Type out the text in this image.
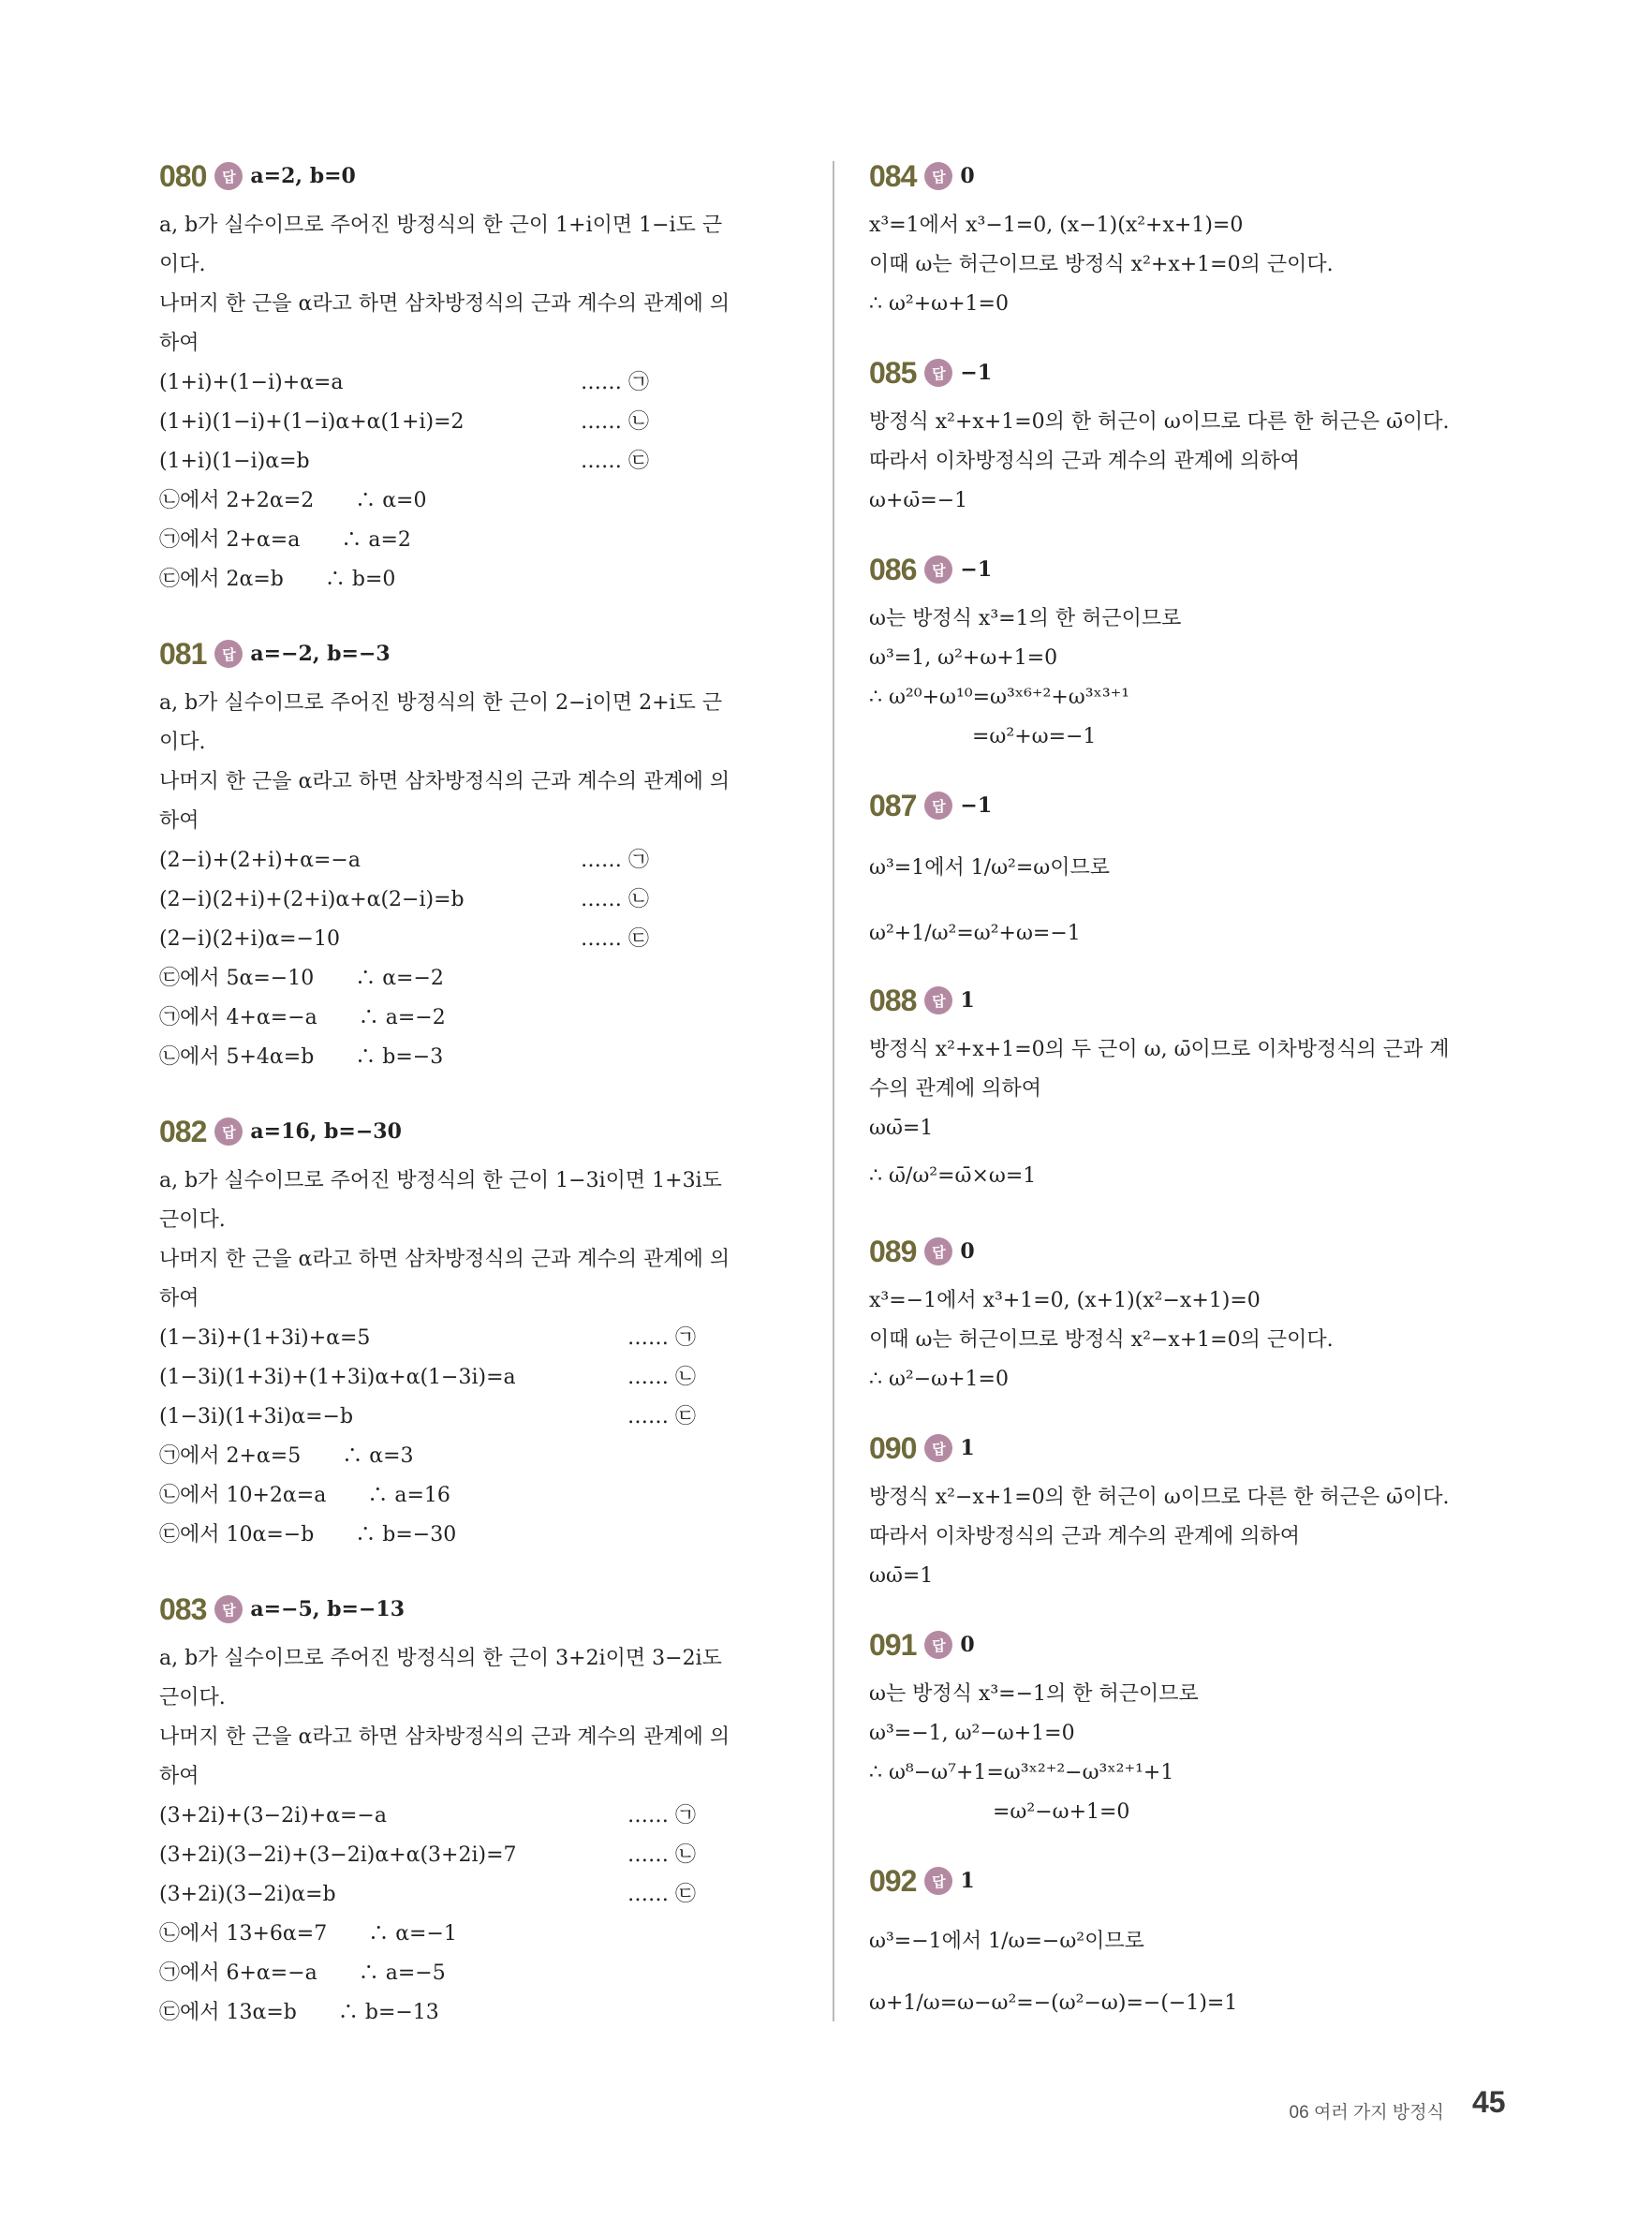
080	답 a=2, b=0
a, b가 실수이므로 주어진 방정식의 한 근이 1+i이면 1−i도 근
이다.
나머지 한 근을 α라고 하면 삼차방정식의 근과 계수의 관계에 의
하여
(1+i)+(1−i)+α=a	…… ㉠
(1+i)(1−i)+(1−i)α+α(1+i)=2	…… ㉡
(1+i)(1−i)α=b	…… ㉢
㉡에서 2+2α=2　　∴ α=0
㉠에서 2+α=a　　∴ a=2
㉢에서 2α=b　　∴ b=0
081	답 a=−2, b=−3
a, b가 실수이므로 주어진 방정식의 한 근이 2−i이면 2+i도 근
이다.
나머지 한 근을 α라고 하면 삼차방정식의 근과 계수의 관계에 의
하여
(2−i)+(2+i)+α=−a	…… ㉠
(2−i)(2+i)+(2+i)α+α(2−i)=b	…… ㉡
(2−i)(2+i)α=−10	…… ㉢
㉢에서 5α=−10　　∴ α=−2
㉠에서 4+α=−a　　∴ a=−2
㉡에서 5+4α=b　　∴ b=−3
082	답 a=16, b=−30
a, b가 실수이므로 주어진 방정식의 한 근이 1−3i이면 1+3i도
근이다.
나머지 한 근을 α라고 하면 삼차방정식의 근과 계수의 관계에 의
하여
(1−3i)+(1+3i)+α=5	…… ㉠
(1−3i)(1+3i)+(1+3i)α+α(1−3i)=a	…… ㉡
(1−3i)(1+3i)α=−b	…… ㉢
㉠에서 2+α=5　　∴ α=3
㉡에서 10+2α=a　　∴ a=16
㉢에서 10α=−b　　∴ b=−30
083	답 a=−5, b=−13
a, b가 실수이므로 주어진 방정식의 한 근이 3+2i이면 3−2i도
근이다.
나머지 한 근을 α라고 하면 삼차방정식의 근과 계수의 관계에 의
하여
(3+2i)+(3−2i)+α=−a	…… ㉠
(3+2i)(3−2i)+(3−2i)α+α(3+2i)=7	…… ㉡
(3+2i)(3−2i)α=b	…… ㉢
㉡에서 13+6α=7　　∴ α=−1
㉠에서 6+α=−a　　∴ a=−5
㉢에서 13α=b　　∴ b=−13
084	답 0
x³=1에서 x³−1=0, (x−1)(x²+x+1)=0
이때 ω는 허근이므로 방정식 x²+x+1=0의 근이다.
∴ ω²+ω+1=0
085	답 −1
방정식 x²+x+1=0의 한 허근이 ω이므로 다른 한 허근은 ω̄이다.
따라서 이차방정식의 근과 계수의 관계에 의하여
ω+ω̄=−1
086	답 −1
ω는 방정식 x³=1의 한 허근이므로
ω³=1, ω²+ω+1=0
∴ ω²⁰+ω¹⁰=ω³ˣ⁶⁺²+ω³ˣ³⁺¹
　　　　　=ω²+ω=−1
087	답 −1
ω³=1에서 1/ω²=ω이므로
ω²+1/ω²=ω²+ω=−1
088	답 1
방정식 x²+x+1=0의 두 근이 ω, ω̄이므로 이차방정식의 근과 계
수의 관계에 의하여
ωω̄=1
∴ ω̄/ω²=ω̄×ω=1
089	답 0
x³=−1에서 x³+1=0, (x+1)(x²−x+1)=0
이때 ω는 허근이므로 방정식 x²−x+1=0의 근이다.
∴ ω²−ω+1=0
090	답 1
방정식 x²−x+1=0의 한 허근이 ω이므로 다른 한 허근은 ω̄이다.
따라서 이차방정식의 근과 계수의 관계에 의하여
ωω̄=1
091	답 0
ω는 방정식 x³=−1의 한 허근이므로
ω³=−1, ω²−ω+1=0
∴ ω⁸−ω⁷+1=ω³ˣ²⁺²−ω³ˣ²⁺¹+1
　　　　　　=ω²−ω+1=0
092	답 1
ω³=−1에서 1/ω=−ω²이므로
ω+1/ω=ω−ω²=−(ω²−ω)=−(−1)=1
06 여러 가지 방정식 45
